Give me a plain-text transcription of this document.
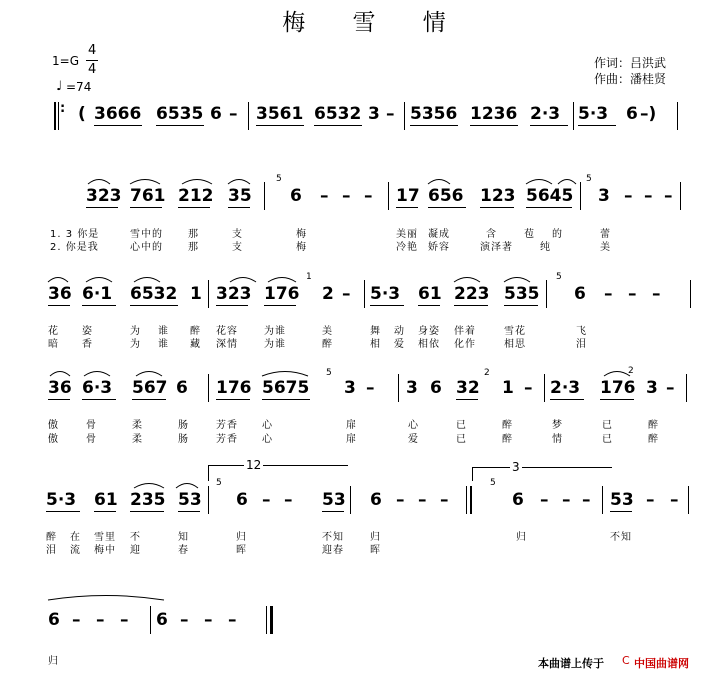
梅 雪 情
1=G
4
4
♩ =74
作词：吕洪武
作曲：潘桂贤
: ( 3666 6535 6 – 3561 6532 3 – 5356 1236 2·3 5·3 6 –)
323 761 212 35
5
6 – – – 17 656 123 5645
5
3 – – –
1. 3 你是	雪中的	那	支	梅	美丽 凝成	含	苞 的	蕾
2. 你是我	心中的	那	支	梅	冷艳 娇容	演泽著	纯	美
36 6·1 6532 1 323 176
1
2 – 5·3 61 223 535
5
6 – – –
花 姿	为 谁 醉 花容	为谁	美	舞 动 身姿 伴着	雪花	飞
暗 香	为 谁 藏 深情	为谁	醉	相 爱 相依 化作	相思	泪
36 6·3 567 6 176 5675
5
3 – 3 6 32
2
1 – 2·3 176
2
3 –
傲	骨	柔	肠	芳香 心	扉	心	已	醉	梦	已	醉
傲	骨	柔	肠	芳香 心	扉	爱	已	醉	情	已	醉
12	3
5·3 61 235 53
5
6 – – 53 6 – – –
5
6 – – – 53 – –
醉 在 雪里 不	知	归	不知	归	归	不知
泪 流 梅中 迎	春	晖	迎春	晖
6 – – – 6 – – –
归	本曲谱上传于 C 中国曲谱网
